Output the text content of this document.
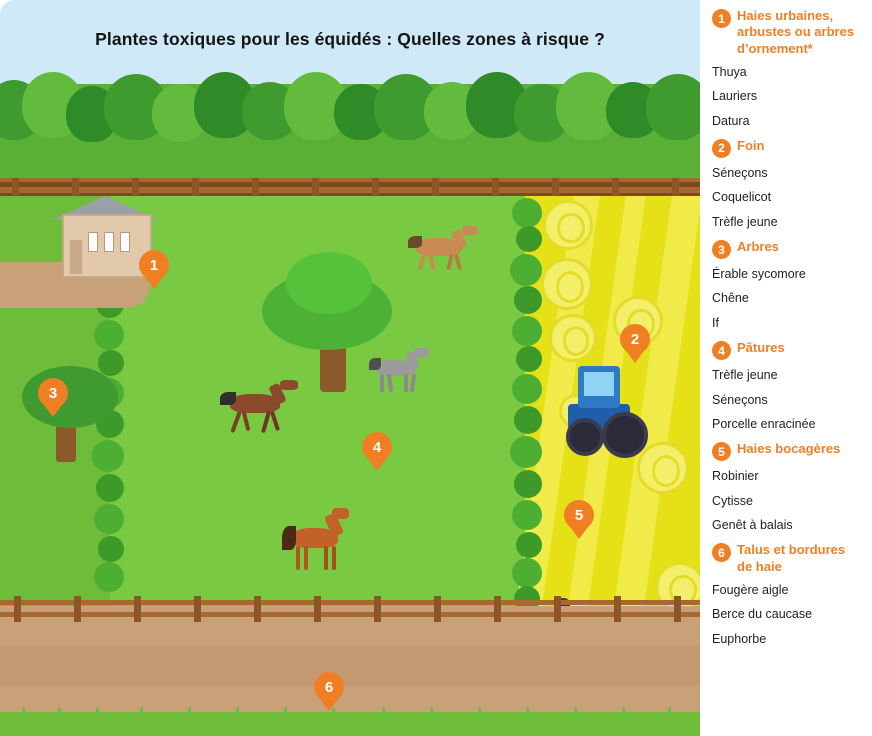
Plantes toxiques pour les équidés : Quelles zones à risque ?
1
2
3
4
5
6
1 Haies urbaines, arbustes ou arbres d’ornement*
Thuya
Lauriers
Datura
2 Foin
Séneçons
Coquelicot
Trèfle jeune
3 Arbres
Érable sycomore
Chêne
If
4 Pâtures
Trèfle jeune
Séneçons
Porcelle enracinée
5 Haies bocagères
Robinier
Cytisse
Genêt à balais
6 Talus et bordures de haie
Fougère aigle
Berce du caucase
Euphorbe
